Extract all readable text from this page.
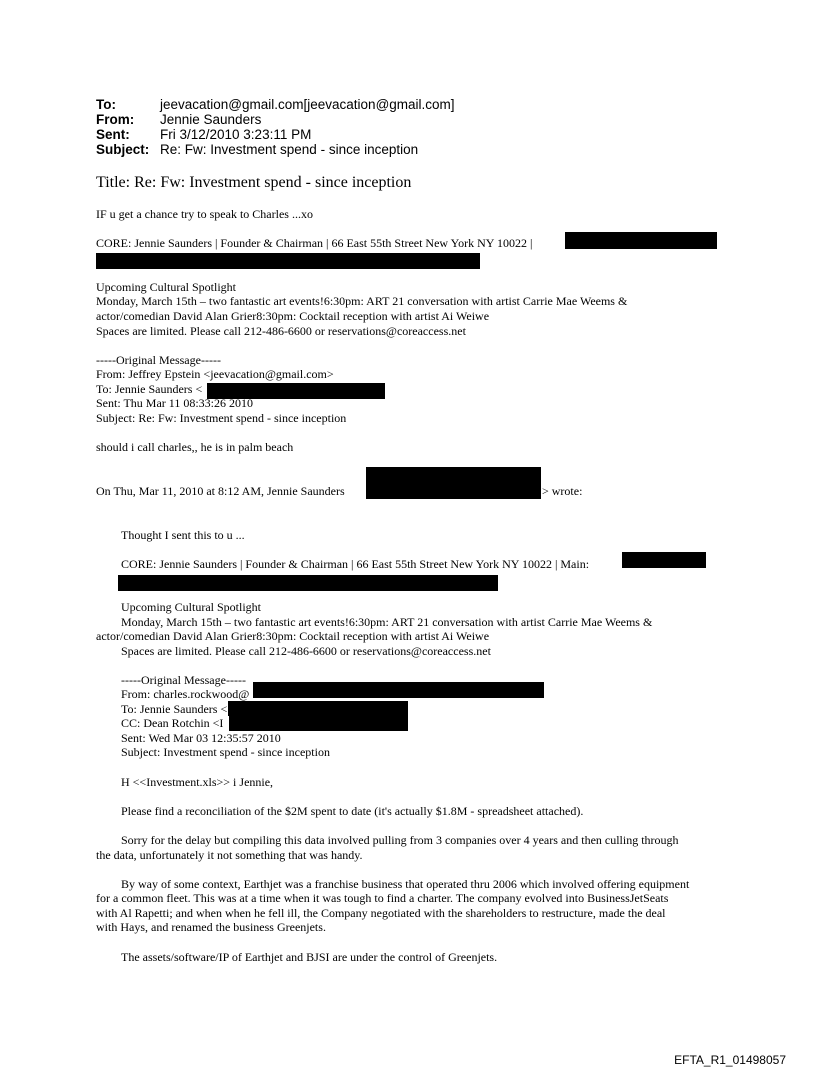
To:	jeevacation@gmail.com[jeevacation@gmail.com]
From: Jennie Saunders
Sent: Fri 3/12/2010 3:23:11 PM
Subject: Re: Fw: Investment spend - since inception
Title: Re: Fw: Investment spend - since inception
IF u get a chance try to speak to Charles ...xo
CORE: Jennie Saunders | Founder & Chairman | 66 East 55th Street New York NY 10022 |
Upcoming Cultural Spotlight
Monday, March 15th – two fantastic art events!6:30pm: ART 21 conversation with artist Carrie Mae Weems &
actor/comedian David Alan Grier8:30pm: Cocktail reception with artist Ai Weiwe
Spaces are limited. Please call 212-486-6600 or reservations@coreaccess.net
-----Original Message-----
From: Jeffrey Epstein <jeevacation@gmail.com>
To: Jennie Saunders <
Sent: Thu Mar 11 08:33:26 2010
Subject: Re: Fw: Investment spend - since inception
should i call charles,, he is in palm beach
On Thu, Mar 11, 2010 at 8:12 AM, Jennie Saunders	> wrote:
Thought I sent this to u ...
CORE: Jennie Saunders | Founder & Chairman | 66 East 55th Street New York NY 10022 | Main:
Upcoming Cultural Spotlight
Monday, March 15th – two fantastic art events!6:30pm: ART 21 conversation with artist Carrie Mae Weems &
actor/comedian David Alan Grier8:30pm: Cocktail reception with artist Ai Weiwe
Spaces are limited. Please call 212-486-6600 or reservations@coreaccess.net
-----Original Message-----
From: charles.rockwood@
To: Jennie Saunders <
CC: Dean Rotchin <I
Sent: Wed Mar 03 12:35:57 2010
Subject: Investment spend - since inception
H <<Investment.xls>> i Jennie,
Please find a reconciliation of the $2M spent to date (it's actually $1.8M - spreadsheet attached).
Sorry for the delay but compiling this data involved pulling from 3 companies over 4 years and then culling through
the data, unfortunately it not something that was handy.
By way of some context, Earthjet was a franchise business that operated thru 2006 which involved offering equipment
for a common fleet. This was at a time when it was tough to find a charter. The company evolved into BusinessJetSeats
with Al Rapetti; and when when he fell ill, the Company negotiated with the shareholders to restructure, made the deal
with Hays, and renamed the business Greenjets.
The assets/software/IP of Earthjet and BJSI are under the control of Greenjets.
EFTA_R1_01498057
